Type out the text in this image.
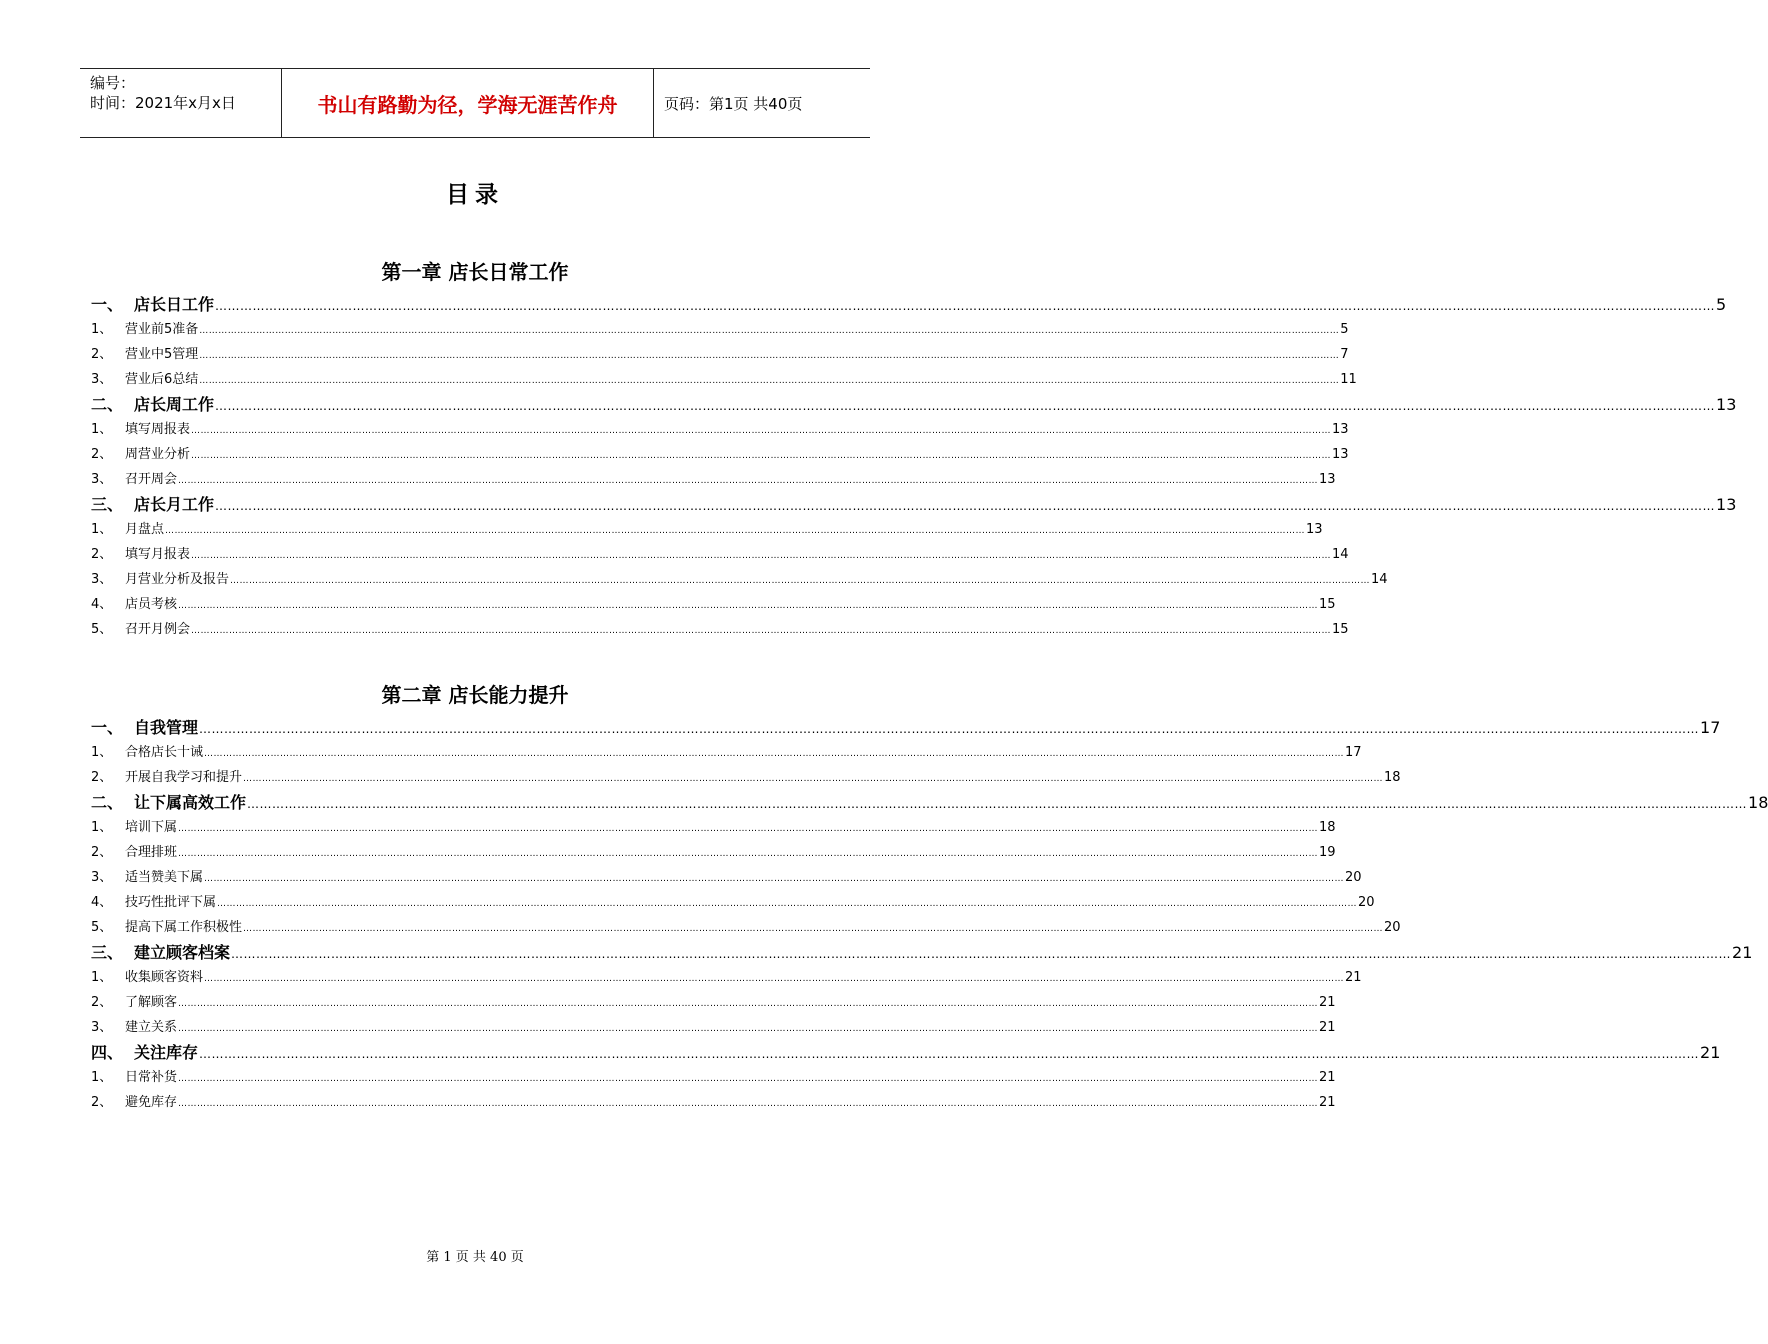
编号：
时间：2021年x月x日	书山有路勤为径，学海无涯苦作舟	页码：第1页 共40页
目录
第一章 店长日常工作
一、 店长日工作 ……………………………………………………………………………………………………………………………………………………………………………………………………………………………………………………………………………………………………………………………… 5
1、 营业前5准备 ……………………………………………………………………………………………………………………………………………………………………………………………………………………………………………………………………………………………………………………………… 5
2、 营业中5管理 ……………………………………………………………………………………………………………………………………………………………………………………………………………………………………………………………………………………………………………………………… 7
3、 营业后6总结 ……………………………………………………………………………………………………………………………………………………………………………………………………………………………………………………………………………………………………………………………… 11
二、 店长周工作 ……………………………………………………………………………………………………………………………………………………………………………………………………………………………………………………………………………………………………………………………… 13
1、 填写周报表 ……………………………………………………………………………………………………………………………………………………………………………………………………………………………………………………………………………………………………………………………… 13
2、 周营业分析 ……………………………………………………………………………………………………………………………………………………………………………………………………………………………………………………………………………………………………………………………… 13
3、 召开周会 ……………………………………………………………………………………………………………………………………………………………………………………………………………………………………………………………………………………………………………………………… 13
三、 店长月工作 ……………………………………………………………………………………………………………………………………………………………………………………………………………………………………………………………………………………………………………………………… 13
1、 月盘点 ……………………………………………………………………………………………………………………………………………………………………………………………………………………………………………………………………………………………………………………………… 13
2、 填写月报表 ……………………………………………………………………………………………………………………………………………………………………………………………………………………………………………………………………………………………………………………………… 14
3、 月营业分析及报告 ……………………………………………………………………………………………………………………………………………………………………………………………………………………………………………………………………………………………………………………………… 14
4、 店员考核 ……………………………………………………………………………………………………………………………………………………………………………………………………………………………………………………………………………………………………………………………… 15
5、 召开月例会 ……………………………………………………………………………………………………………………………………………………………………………………………………………………………………………………………………………………………………………………………… 15
第二章 店长能力提升
一、 自我管理 ……………………………………………………………………………………………………………………………………………………………………………………………………………………………………………………………………………………………………………………………… 17
1、 合格店长十诫 ……………………………………………………………………………………………………………………………………………………………………………………………………………………………………………………………………………………………………………………………… 17
2、 开展自我学习和提升 ……………………………………………………………………………………………………………………………………………………………………………………………………………………………………………………………………………………………………………………………… 18
二、 让下属高效工作 ……………………………………………………………………………………………………………………………………………………………………………………………………………………………………………………………………………………………………………………………… 18
1、 培训下属 ……………………………………………………………………………………………………………………………………………………………………………………………………………………………………………………………………………………………………………………………… 18
2、 合理排班 ……………………………………………………………………………………………………………………………………………………………………………………………………………………………………………………………………………………………………………………………… 19
3、 适当赞美下属 ……………………………………………………………………………………………………………………………………………………………………………………………………………………………………………………………………………………………………………………………… 20
4、 技巧性批评下属 ……………………………………………………………………………………………………………………………………………………………………………………………………………………………………………………………………………………………………………………………… 20
5、 提高下属工作积极性 ……………………………………………………………………………………………………………………………………………………………………………………………………………………………………………………………………………………………………………………………… 20
三、 建立顾客档案 ……………………………………………………………………………………………………………………………………………………………………………………………………………………………………………………………………………………………………………………………… 21
1、 收集顾客资料 ……………………………………………………………………………………………………………………………………………………………………………………………………………………………………………………………………………………………………………………………… 21
2、 了解顾客 ……………………………………………………………………………………………………………………………………………………………………………………………………………………………………………………………………………………………………………………………… 21
3、 建立关系 ……………………………………………………………………………………………………………………………………………………………………………………………………………………………………………………………………………………………………………………………… 21
四、 关注库存 ……………………………………………………………………………………………………………………………………………………………………………………………………………………………………………………………………………………………………………………………… 21
1、 日常补货 ……………………………………………………………………………………………………………………………………………………………………………………………………………………………………………………………………………………………………………………………… 21
2、 避免库存 ……………………………………………………………………………………………………………………………………………………………………………………………………………………………………………………………………………………………………………………………… 21
第 1 页 共 40 页
